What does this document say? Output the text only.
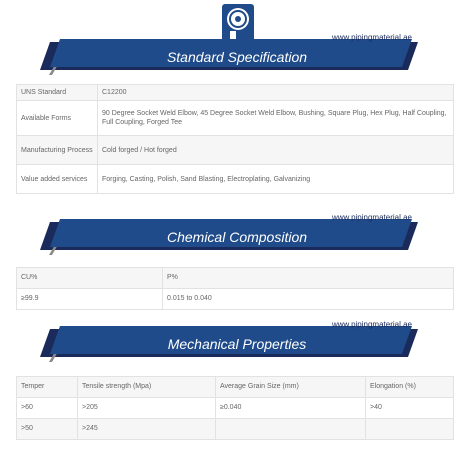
www.pipingmaterial.ae
Standard Specification
UNS Standard	C12200
Available Forms	90 Degree Socket Weld Elbow, 45 Degree Socket Weld Elbow, Bushing, Square Plug, Hex Plug, Half Coupling, Full Coupling, Forged Tee
Manufacturing Process	Cold forged / Hot forged
Value added services	Forging, Casting, Polish, Sand Blasting, Electroplating, Galvanizing
www.pipingmaterial.ae
Chemical Composition
CU%	P%
≥99.9	0.015 to 0.040
www.pipingmaterial.ae
Mechanical Properties
Temper	Tensile strength (Mpa)	Average Grain Size (mm)	Elongation (%)
>60	>205	≥0.040	>40
>50	>245		
